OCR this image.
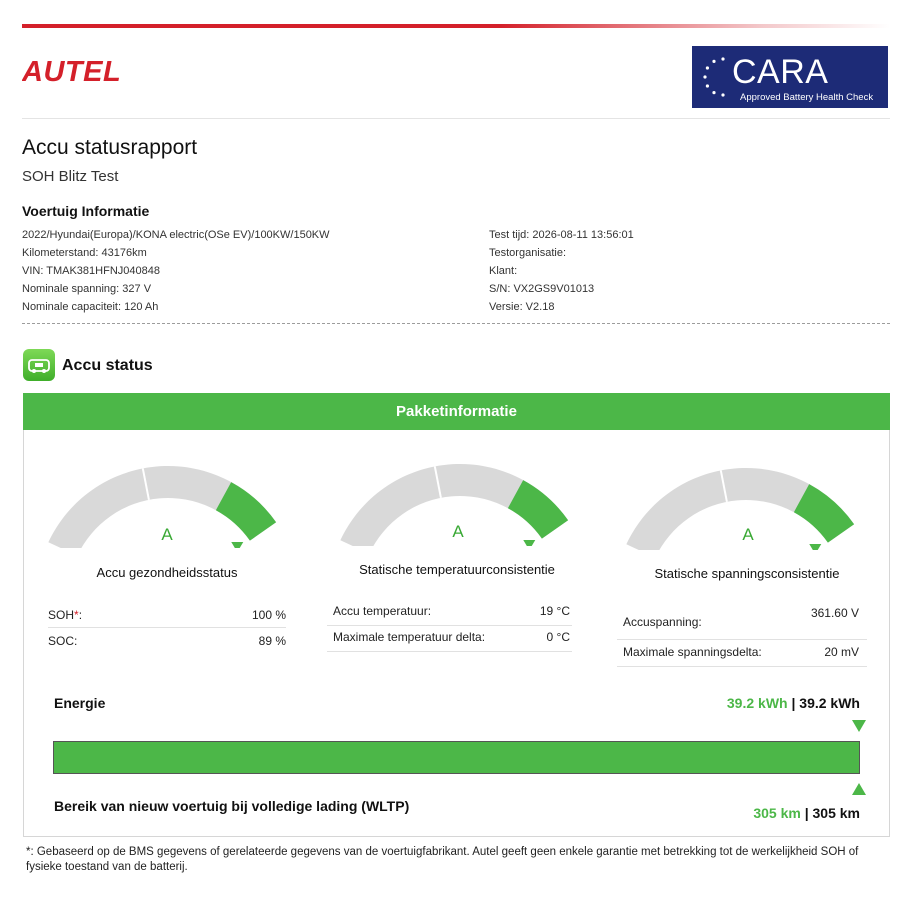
AUTEL	CARA
Approved Battery Health Check
Accu statusrapport
SOH Blitz Test
Voertuig Informatie
2022/Hyundai(Europa)/KONA electric(OSe EV)/100KW/150KW
Kilometerstand: 43176km
VIN: TMAK381HFNJ040848
Nominale spanning: 327 V
Nominale capaciteit: 120 Ah
Test tijd: 2026-08-11 13:56:01
Testorganisatie:
Klant:
S/N: VX2GS9V01013
Versie: V2.18
Accu status
Pakketinformatie
A
Accu gezondheidsstatus
SOH*:	100 %
SOC:	89 %
A
Statische temperatuurconsistentie
Accu temperatuur:	19 °C
Maximale temperatuur delta:	0 °C
A
Statische spanningsconsistentie
Accuspanning:
361.60 V
Maximale spanningsdelta:	20 mV
Energie	39.2 kWh | 39.2 kWh
Bereik van nieuw voertuig bij volledige lading (WLTP)	305 km | 305 km
*: Gebaseerd op de BMS gegevens of gerelateerde gegevens van de voertuigfabrikant. Autel geeft geen enkele garantie met betrekking tot de werkelijkheid SOH of fysieke toestand van de batterij.
